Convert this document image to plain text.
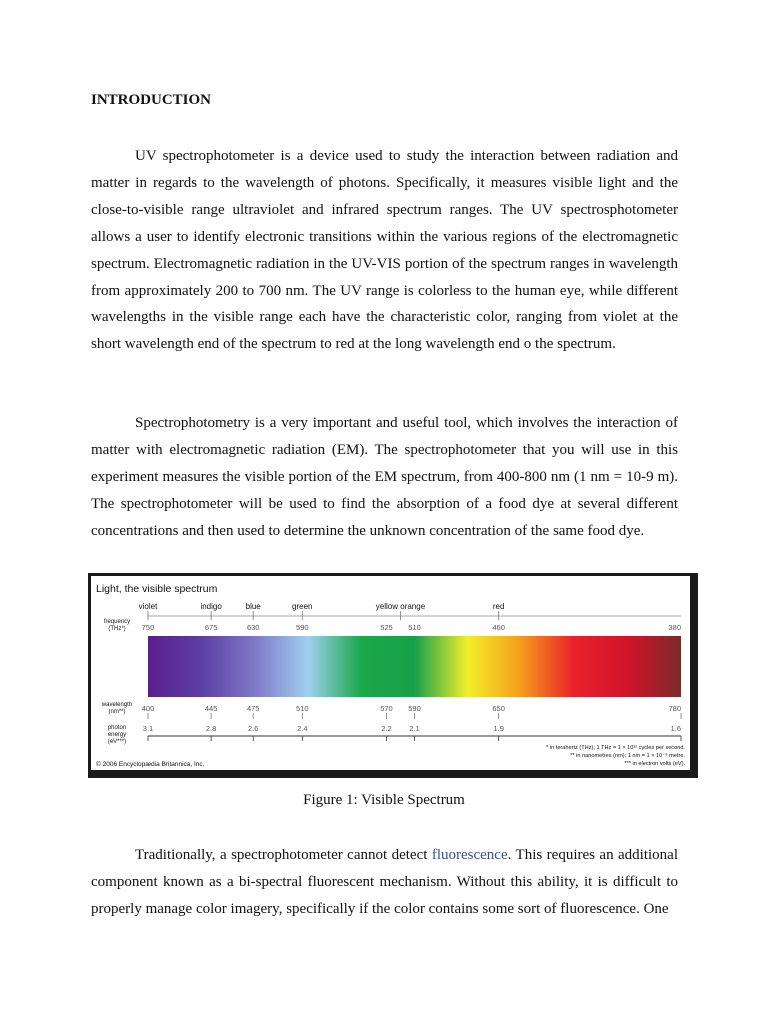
INTRODUCTION

UV spectrophotometer is a device used to study the interaction between radiation and matter in regards to the wavelength of photons. Specifically, it measures visible light and the close-to-visible range ultraviolet and infrared spectrum ranges. The UV spectrosphotometer allows a user to identify electronic transitions within the various regions of the electromagnetic spectrum. Electromagnetic radiation in the UV-VIS portion of the spectrum ranges in wavelength from approximately 200 to 700 nm. The UV range is colorless to the human eye, while different wavelengths in the visible range each have the characteristic color, ranging from violet at the short wavelength end of the spectrum to red at the long wavelength end o the spectrum.

Spectrophotometry is a very important and useful tool, which involves the interaction of matter with electromagnetic radiation (EM). The spectrophotometer that you will use in this experiment measures the visible portion of the EM spectrum, from 400-800 nm (1 nm = 10-9 m). The spectrophotometer will be used to find the absorption of a food dye at several different concentrations and then used to determine the unknown concentration of the same food dye.

Light, the visible spectrum
frequency
(THz*)
wavelength
(nm**)
photon
energy
(eV***)
violet	indigo	blue	green	yellow orange	red
750	675	630	590	525 510	460	380
400	445	475	510	570 590	650	780
3.1	2.8	2.6	2.4	2.2 2.1	1.9	1.6
* in terahertz (THz); 1 THz = 1 × 10¹² cycles per second.
** in nanometres (nm); 1 nm = 1 × 10⁻⁹ metre.
*** in electron volts (eV).
© 2006 Encyclopædia Britannica, Inc.
Figure 1: Visible Spectrum

Traditionally, a spectrophotometer cannot detect fluorescence. This requires an additional component known as a bi-spectral fluorescent mechanism. Without this ability, it is difficult to properly manage color imagery, specifically if the color contains some sort of fluorescence. One
